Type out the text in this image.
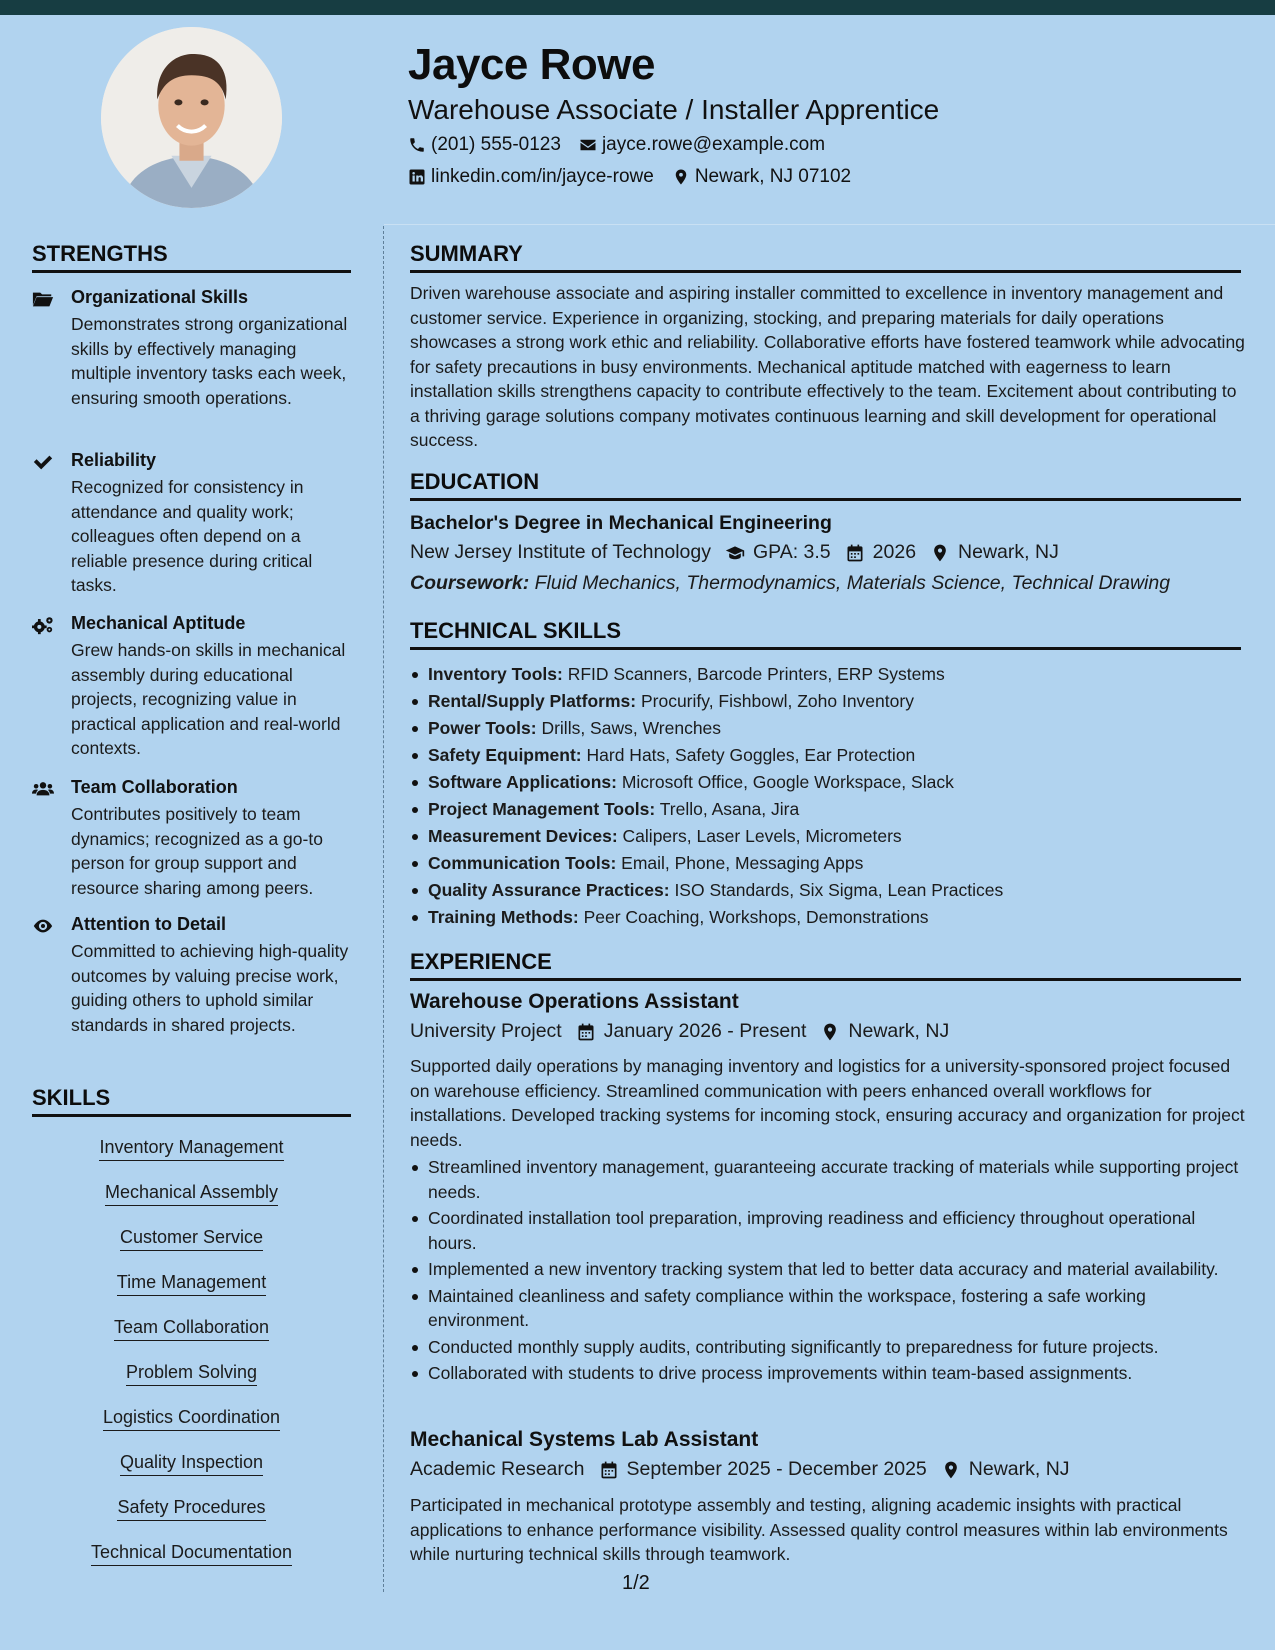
Jayce Rowe
Warehouse Associate / Installer Apprentice
(201) 555-0123 jayce.rowe@example.com
linkedin.com/in/jayce-rowe Newark, NJ 07102
STRENGTHS
Organizational Skills
Demonstrates strong organizational skills by effectively managing multiple inventory tasks each week, ensuring smooth operations.
Reliability
Recognized for consistency in attendance and quality work; colleagues often depend on a reliable presence during critical tasks.
Mechanical Aptitude
Grew hands-on skills in mechanical assembly during educational projects, recognizing value in practical application and real-world contexts.
Team Collaboration
Contributes positively to team dynamics; recognized as a go-to person for group support and resource sharing among peers.
Attention to Detail
Committed to achieving high-quality outcomes by valuing precise work, guiding others to uphold similar standards in shared projects.
SKILLS
Inventory Management
Mechanical Assembly
Customer Service
Time Management
Team Collaboration
Problem Solving
Logistics Coordination
Quality Inspection
Safety Procedures
Technical Documentation
SUMMARY
Driven warehouse associate and aspiring installer committed to excellence in inventory management and customer service. Experience in organizing, stocking, and preparing materials for daily operations showcases a strong work ethic and reliability. Collaborative efforts have fostered teamwork while advocating for safety precautions in busy environments. Mechanical aptitude matched with eagerness to learn installation skills strengthens capacity to contribute effectively to the team. Excitement about contributing to a thriving garage solutions company motivates continuous learning and skill development for operational success.
EDUCATION
Bachelor's Degree in Mechanical Engineering
New Jersey Institute of Technology GPA: 3.5 2026 Newark, NJ
Coursework: Fluid Mechanics, Thermodynamics, Materials Science, Technical Drawing
TECHNICAL SKILLS
Inventory Tools: RFID Scanners, Barcode Printers, ERP Systems
Rental/Supply Platforms: Procurify, Fishbowl, Zoho Inventory
Power Tools: Drills, Saws, Wrenches
Safety Equipment: Hard Hats, Safety Goggles, Ear Protection
Software Applications: Microsoft Office, Google Workspace, Slack
Project Management Tools: Trello, Asana, Jira
Measurement Devices: Calipers, Laser Levels, Micrometers
Communication Tools: Email, Phone, Messaging Apps
Quality Assurance Practices: ISO Standards, Six Sigma, Lean Practices
Training Methods: Peer Coaching, Workshops, Demonstrations
EXPERIENCE
Warehouse Operations Assistant
University Project January 2026 - Present Newark, NJ
Supported daily operations by managing inventory and logistics for a university-sponsored project focused on warehouse efficiency. Streamlined communication with peers enhanced overall workflows for installations. Developed tracking systems for incoming stock, ensuring accuracy and organization for project needs.
Streamlined inventory management, guaranteeing accurate tracking of materials while supporting project needs.
Coordinated installation tool preparation, improving readiness and efficiency throughout operational hours.
Implemented a new inventory tracking system that led to better data accuracy and material availability.
Maintained cleanliness and safety compliance within the workspace, fostering a safe working environment.
Conducted monthly supply audits, contributing significantly to preparedness for future projects.
Collaborated with students to drive process improvements within team-based assignments.
Mechanical Systems Lab Assistant
Academic Research September 2025 - December 2025 Newark, NJ
Participated in mechanical prototype assembly and testing, aligning academic insights with practical applications to enhance performance visibility. Assessed quality control measures within lab environments while nurturing technical skills through teamwork.
1/2
